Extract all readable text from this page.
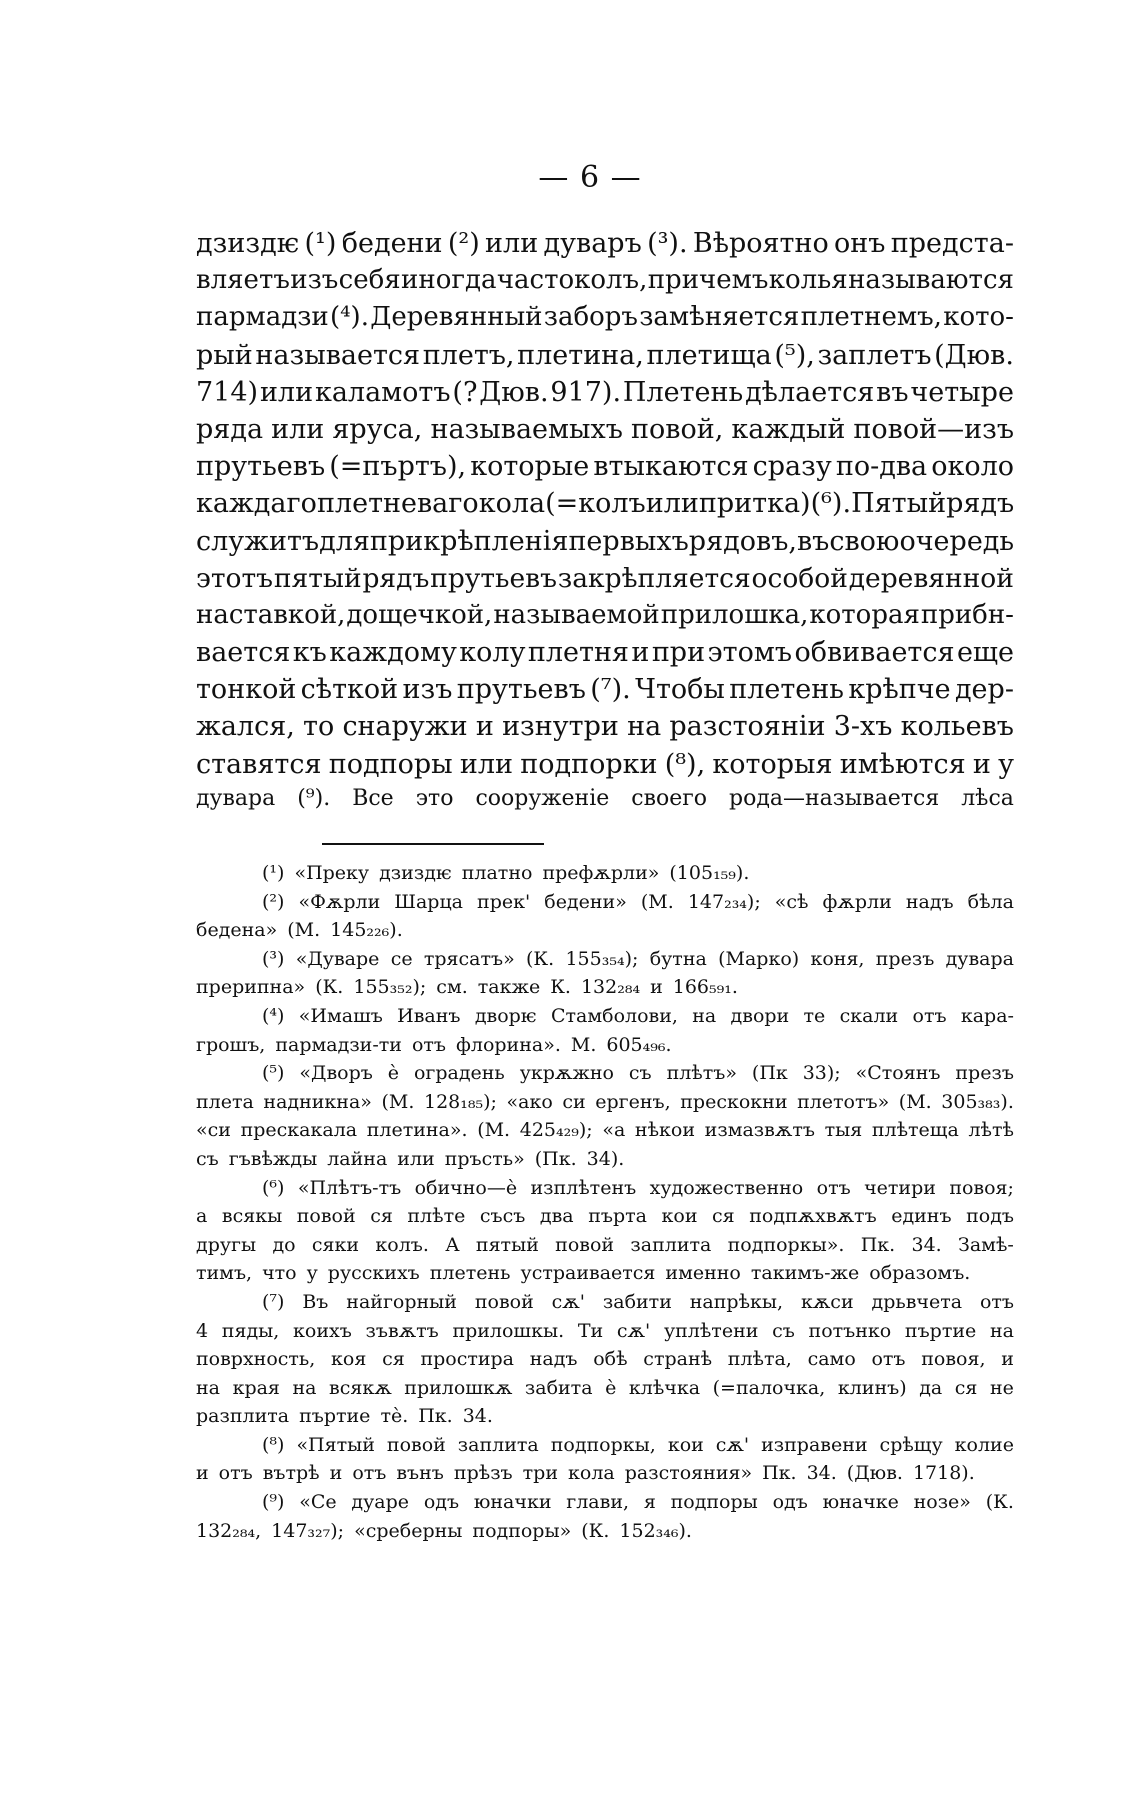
— 6 —
дзиздѥ (¹) бедени (²) или дуваръ (³). Вѣроятно онъ предста-
вляетъ изъ себя иногда частоколъ, причемъ колья называются
пармадзи (⁴). Деревянный заборъ замѣняется плетнемъ, кото-
рый называется плетъ, плетина, плетища (⁵), заплетъ (Дюв.
714) или каламотъ (? Дюв. 917). Плетень дѣлается въ четыре
ряда или яруса, называемыхъ повой, каждый повой—изъ
прутьевъ (=пъртъ), которые втыкаются сразу по-два около
каждаго плетневаго кола (=колъ или притка) (⁶). Пятый рядъ
служитъ для прикрѣпленія первыхъ рядовъ, въ свою очередь
этотъ пятый рядъ прутьевъ закрѣпляется особой деревянной
наставкой, дощечкой, называемой прилошка, которая прибн-
вается къ каждому колу плетня и при этомъ обвивается еще
тонкой сѣткой изъ прутьевъ (⁷). Чтобы плетень крѣпче дер-
жался, то снаружи и изнутри на разстояніи 3-хъ кольевъ
ставятся подпоры или подпорки (⁸), которыя имѣются и у
дувара (⁹). Все это сооруженіе своего рода—называется лѣса
(¹) «Преку дзиздѥ платно префѫрли» (105₁₅₉).
(²) «Фѫрли Шарца прек' бедени» (М. 147₂₃₄); «сѣ фѫрли надъ бѣла
бедена» (М. 145₂₂₆).
(³) «Дуваре се трясатъ» (К. 155₃₅₄); бутна (Марко) коня, презъ дувара
прерипна» (К. 155₃₅₂); см. также К. 132₂₈₄ и 166₅₉₁.
(⁴) «Имашъ Иванъ дворѥ Стамболови, на двори те скали отъ кара-
грошъ, пармадзи-ти отъ флорина». М. 605₄₉₆.
(⁵) «Дворъ ѐ оградень укрѫжно съ плѣтъ» (Пк 33); «Стоянъ презъ
плета надникна» (М. 128₁₈₅); «ако си ергенъ, прескокни плетотъ» (М. 305₃₈₃).
«си прескакала плетина». (М. 425₄₂₉); «а нѣкои измазвѫтъ тыя плѣтеща лѣтѣ
съ гъвѣжды лайна или пръсть» (Пк. 34).
(⁶) «Плѣтъ-тъ обично—ѐ изплѣтенъ художественно отъ четири повоя;
а всякы повой ся плѣте съсъ два пърта кои ся подпѫхвѫтъ единъ подъ
другы до сяки колъ. А пятый повой заплита подпоркы». Пк. 34. Замѣ-
тимъ, что у русскихъ плетень устраивается именно такимъ-же образомъ.
(⁷) Въ найгорный повой сѫ' забити напрѣкы, кѫси дрьвчета отъ
4 пяды, коихъ зъвѫтъ прилошкы. Ти сѫ' уплѣтени съ потънко пъртие на
поврхность, коя ся простира надъ обѣ странѣ плѣта, само отъ повоя, и
на края на всякѫ прилошкѫ забита ѐ клѣчка (=палочка, клинъ) да ся не
разплита пъртие тѐ. Пк. 34.
(⁸) «Пятый повой заплита подпоркы, кои сѫ' изправени срѣщу колие
и отъ вътрѣ и отъ вънъ прѣзъ три кола разстояния» Пк. 34. (Дюв. 1718).
(⁹) «Се дуаре одъ юначки глави, я подпоры одъ юначке нозе» (К.
132₂₈₄, 147₃₂₇); «среберны подпоры» (К. 152₃₄₆).
